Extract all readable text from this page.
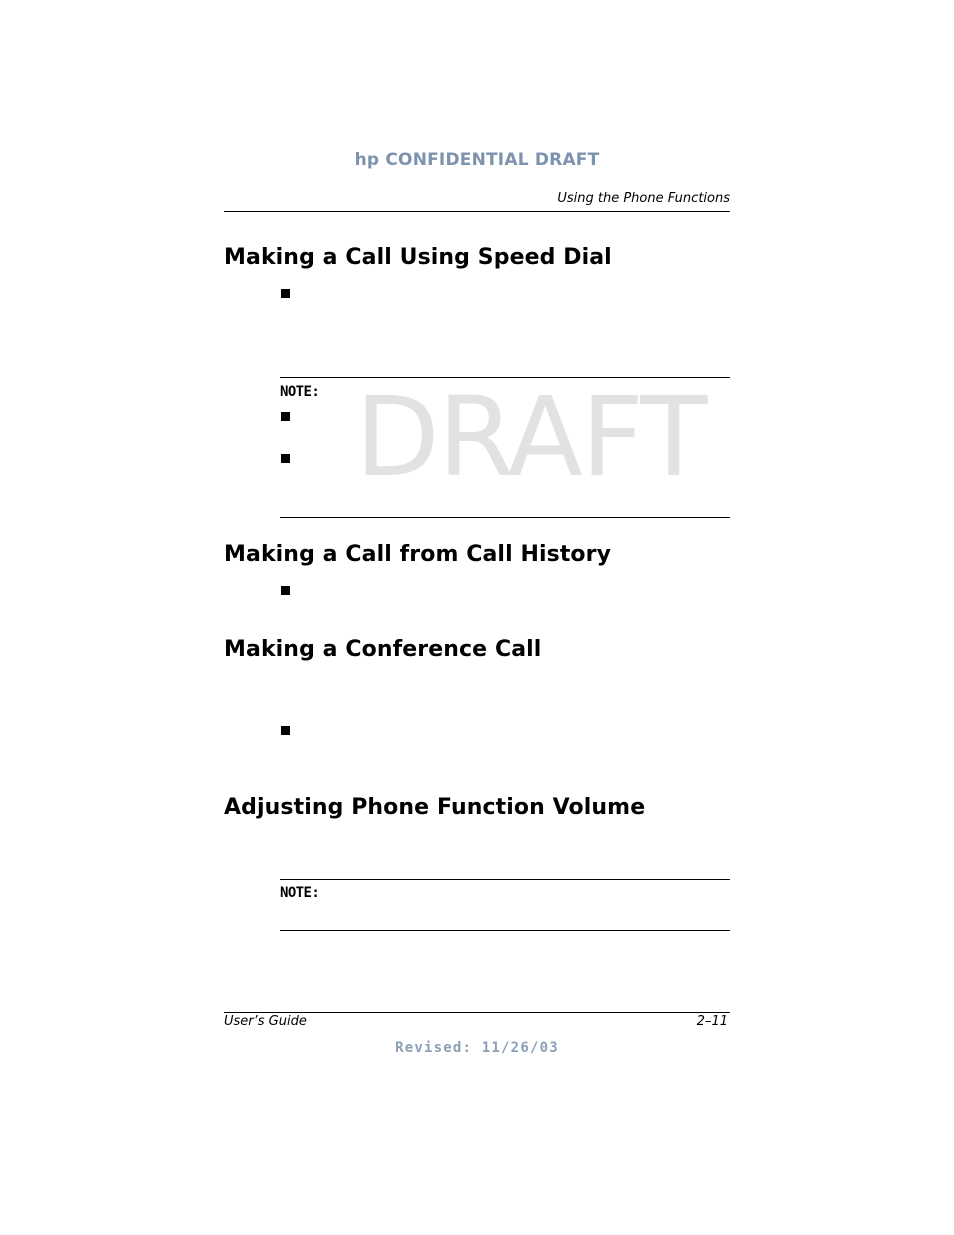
hp CONFIDENTIAL DRAFT
Using the Phone Functions
DRAFT
Making a Call Using Speed Dial
NOTE:
Making a Call from Call History
Making a Conference Call
Adjusting Phone Function Volume
NOTE:
User’s Guide	2–11
Revised: 11/26/03
